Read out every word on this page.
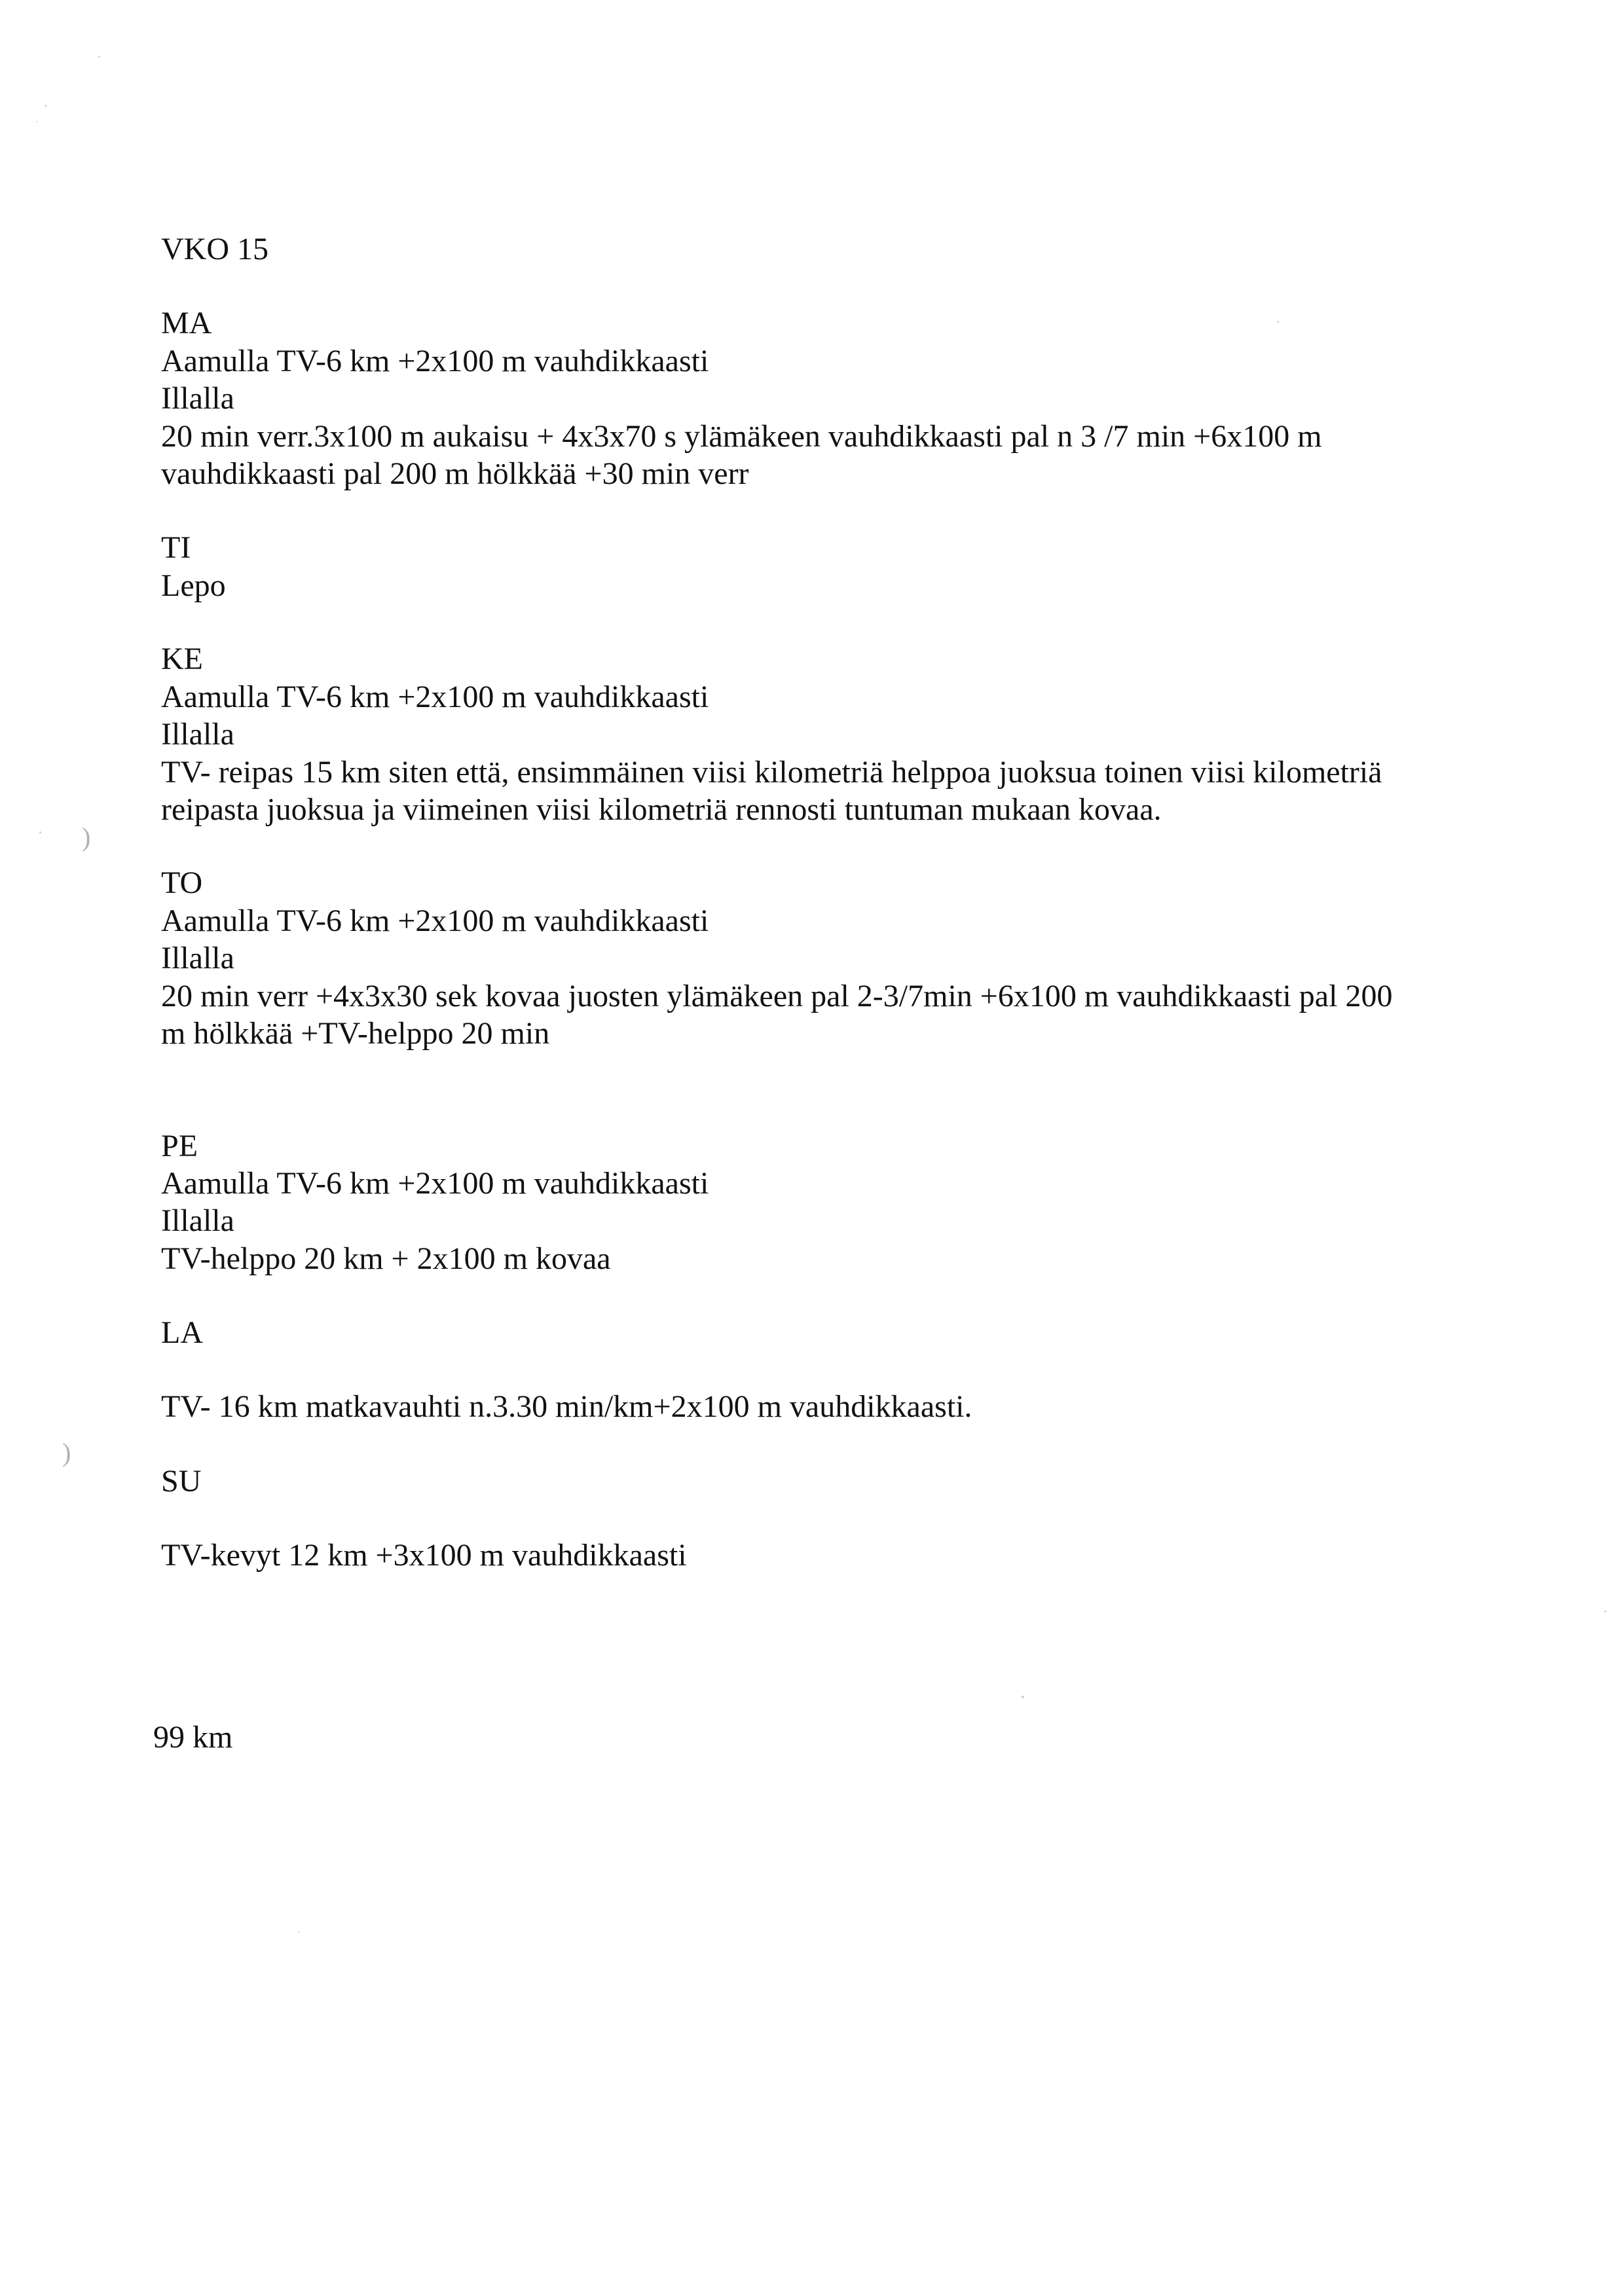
)
)
VKO 15
MA
Aamulla TV-6 km +2x100 m vauhdikkaasti
Illalla
20 min verr.3x100 m aukaisu + 4x3x70 s ylämäkeen vauhdikkaasti pal n 3 /7 min +6x100 m
vauhdikkaasti pal 200 m hölkkää +30 min verr
TI
Lepo
KE
Aamulla TV-6 km +2x100 m vauhdikkaasti
Illalla
TV- reipas 15 km siten että, ensimmäinen viisi kilometriä helppoa juoksua toinen viisi kilometriä
reipasta juoksua ja viimeinen viisi kilometriä rennosti tuntuman mukaan kovaa.
TO
Aamulla TV-6 km +2x100 m vauhdikkaasti
Illalla
20 min verr +4x3x30 sek kovaa juosten ylämäkeen pal 2-3/7min +6x100 m vauhdikkaasti pal 200
m hölkkää +TV-helppo 20 min
PE
Aamulla TV-6 km +2x100 m vauhdikkaasti
Illalla
TV-helppo 20 km + 2x100 m kovaa
LA
TV- 16 km matkavauhti n.3.30 min/km+2x100 m vauhdikkaasti.
SU
TV-kevyt 12 km +3x100 m vauhdikkaasti
99 km
